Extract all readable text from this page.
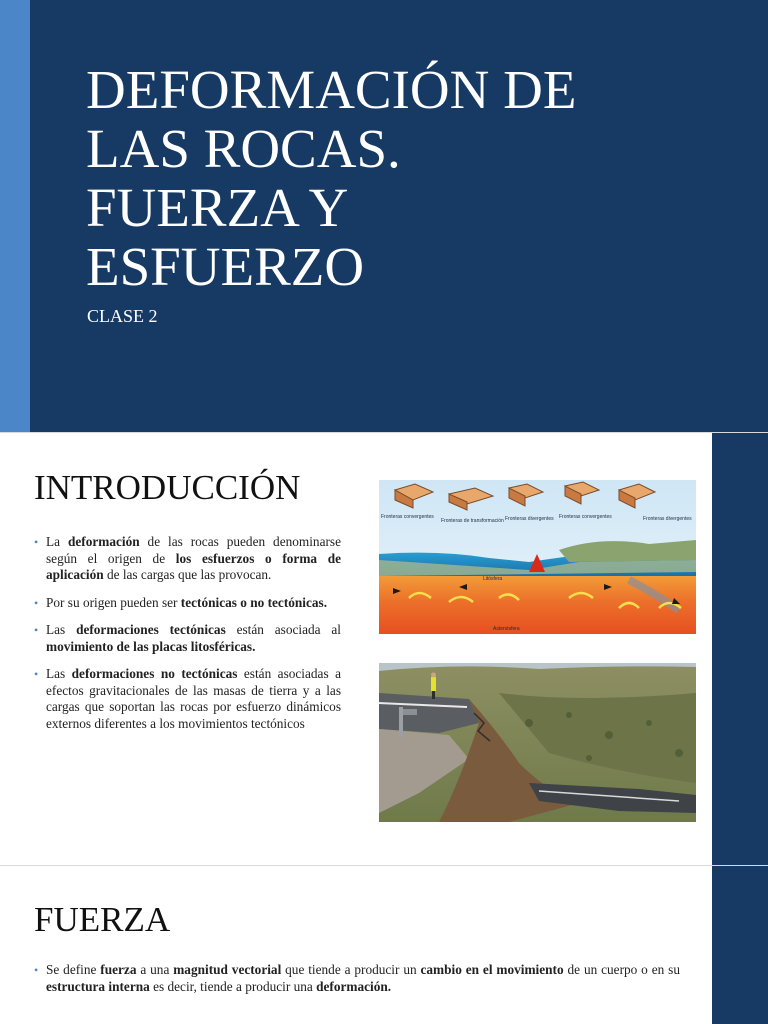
DEFORMACIÓN DE
LAS ROCAS.
FUERZA Y
ESFUERZO

CLASE 2

INTRODUCCIÓN
• La deformación de las rocas pueden denominarse según el origen de los esfuerzos o forma de aplicación de las cargas que las provocan.
• Por su origen pueden ser tectónicas o no tectónicas.
• Las deformaciones tectónicas están asociada al movimiento de las placas litosféricas.
• Las deformaciones no tectónicas están asociadas a efectos gravitacionales de las masas de tierra y a las cargas que soportan las rocas por esfuerzo dinámicos externos diferentes a los movimientos tectónicos
Fronteras convergentes
Fronteras de transformación Fronteras divergentes Fronteras convergentes	Fronteras divergentes
Litósfera
Astenósfera
FUERZA
• Se define fuerza a una magnitud vectorial que tiende a producir un cambio en el movimiento de un cuerpo o en su estructura interna es decir, tiende a producir una deformación.
